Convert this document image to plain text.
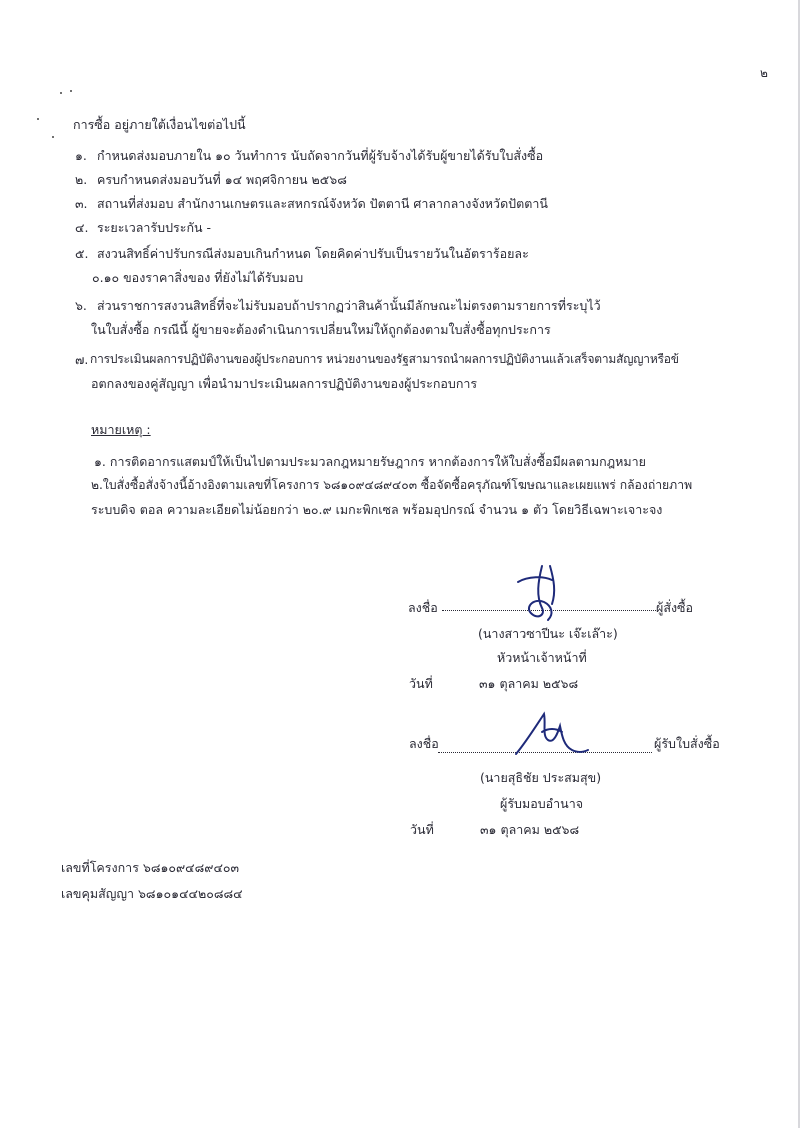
๒
การซื้อ อยู่ภายใต้เงื่อนไขต่อไปนี้
๑. กำหนดส่งมอบภายใน ๑๐ วันทำการ นับถัดจากวันที่ผู้รับจ้างได้รับผู้ขายได้รับใบสั่งซื้อ
๒. ครบกำหนดส่งมอบวันที่ ๑๔ พฤศจิกายน ๒๕๖๘
๓. สถานที่ส่งมอบ สำนักงานเกษตรและสหกรณ์จังหวัด ปัตตานี ศาลากลางจังหวัดปัตตานี
๔. ระยะเวลารับประกัน -
๕. สงวนสิทธิ์ค่าปรับกรณีส่งมอบเกินกำหนด โดยคิดค่าปรับเป็นรายวันในอัตราร้อยละ
๐.๑๐ ของราคาสิ่งของ ที่ยังไม่ได้รับมอบ
๖. ส่วนราชการสงวนสิทธิ์ที่จะไม่รับมอบถ้าปรากฏว่าสินค้านั้นมีลักษณะไม่ตรงตามรายการที่ระบุไว้
ในใบสั่งซื้อ กรณีนี้ ผู้ขายจะต้องดำเนินการเปลี่ยนใหม่ให้ถูกต้องตามใบสั่งซื้อทุกประการ
๗. การประเมินผลการปฏิบัติงานของผู้ประกอบการ หน่วยงานของรัฐสามารถนำผลการปฏิบัติงานแล้วเสร็จตามสัญญาหรือข้
อตกลงของคู่สัญญา เพื่อนำมาประเมินผลการปฏิบัติงานของผู้ประกอบการ
หมายเหตุ :
๑. การติดอากรแสตมป์ให้เป็นไปตามประมวลกฎหมายรัษฎากร หากต้องการให้ใบสั่งซื้อมีผลตามกฎหมาย
๒.ใบสั่งซื้อสั่งจ้างนี้อ้างอิงตามเลขที่โครงการ ๖๘๑๐๙๔๘๙๔๐๓ ซื้อจัดซื้อครุภัณฑ์โฆษณาและเผยแพร่ กล้องถ่ายภาพ
ระบบดิจ ตอล ความละเอียดไม่น้อยกว่า ๒๐.๙ เมกะพิกเซล พร้อมอุปกรณ์ จำนวน ๑ ตัว โดยวิธีเฉพาะเจาะจง
ลงชื่อ	ผู้สั่งซื้อ
(นางสาวซาปีนะ เจ๊ะเล๊าะ)
หัวหน้าเจ้าหน้าที่
วันที่	๓๑ ตุลาคม ๒๕๖๘
ลงชื่อ	ผู้รับใบสั่งซื้อ
(นายสุธิชัย ประสมสุข)
ผู้รับมอบอำนาจ
วันที่	๓๑ ตุลาคม ๒๕๖๘
เลขที่โครงการ ๖๘๑๐๙๔๘๙๔๐๓
เลขคุมสัญญา ๖๘๑๐๑๔๔๒๐๘๘๔
